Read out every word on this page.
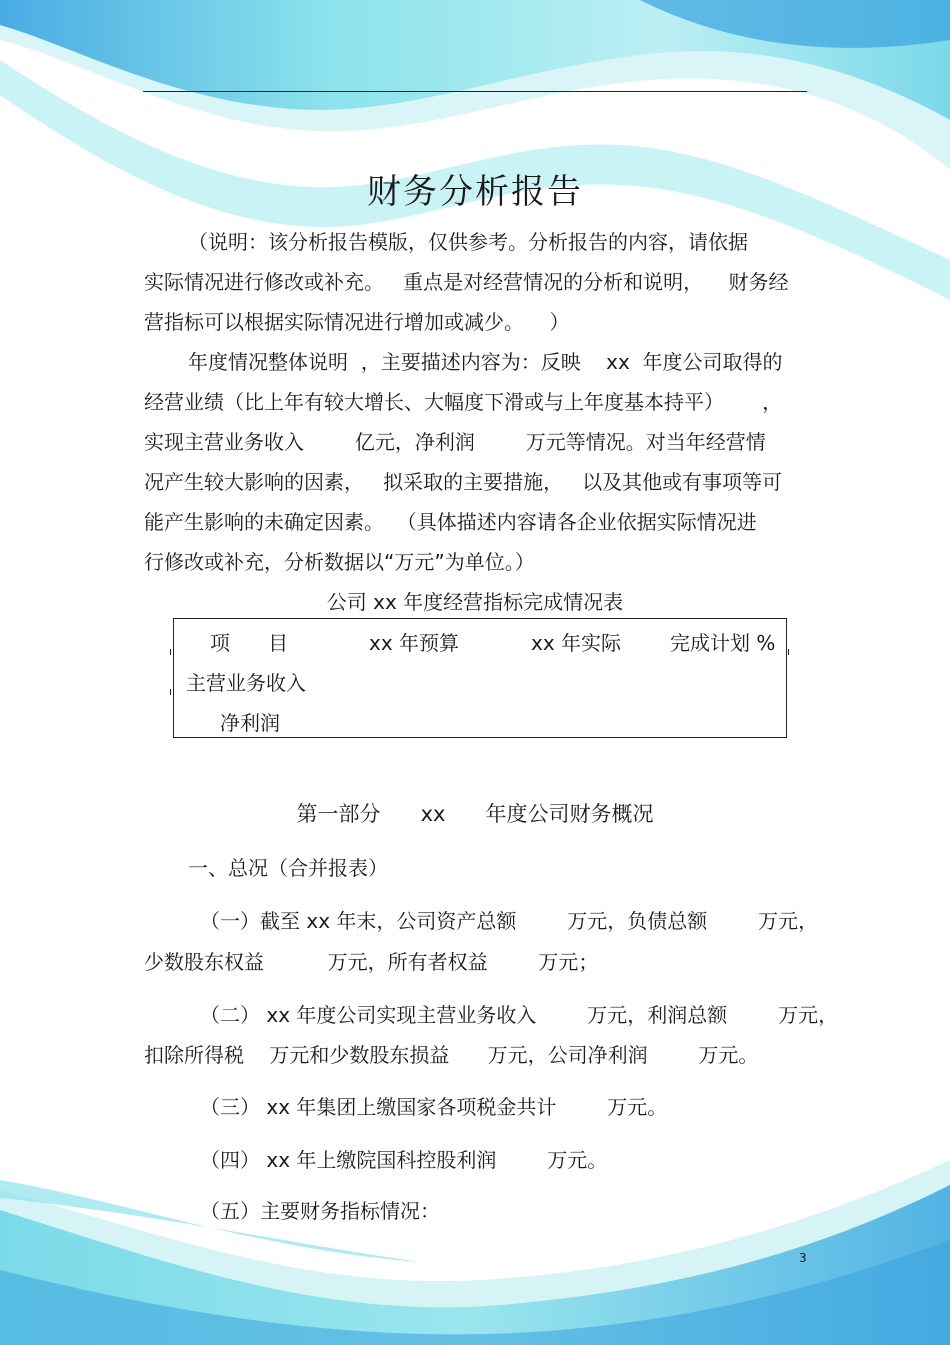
财务分析报告
（说明：该分析报告模版，仅供参考。分析报告的内容，请依据
实际情况进行修改或补充。   重点是对经营情况的分析和说明，    财务经
营指标可以根据实际情况进行增加或减少。    ）
年度情况整体说明  ，主要描述内容为：反映    xx  年度公司取得的
经营业绩（比上年有较大增长、大幅度下滑或与上年度基本持平）      ，
实现主营业务收入        亿元，净利润        万元等情况。对当年经营情
况产生较大影响的因素，   拟采取的主要措施，   以及其他或有事项等可
能产生影响的未确定因素。  （具体描述内容请各企业依据实际情况进
行修改或补充，分析数据以“万元”为单位。）
公司 xx 年度经营指标完成情况表
项      目	xx 年预算	xx 年实际 完成计划 %
主营业务收入
净利润
第一部分      xx      年度公司财务概况
一、总况（合并报表）
（一）截至 xx 年末，公司资产总额        万元，负债总额        万元，
少数股东权益          万元，所有者权益        万元；
（二） xx 年度公司实现主营业务收入        万元，利润总额        万元，
扣除所得税    万元和少数股东损益      万元，公司净利润        万元。
（三） xx 年集团上缴国家各项税金共计        万元。
（四） xx 年上缴院国科控股利润        万元。
（五）主要财务指标情况：
3
